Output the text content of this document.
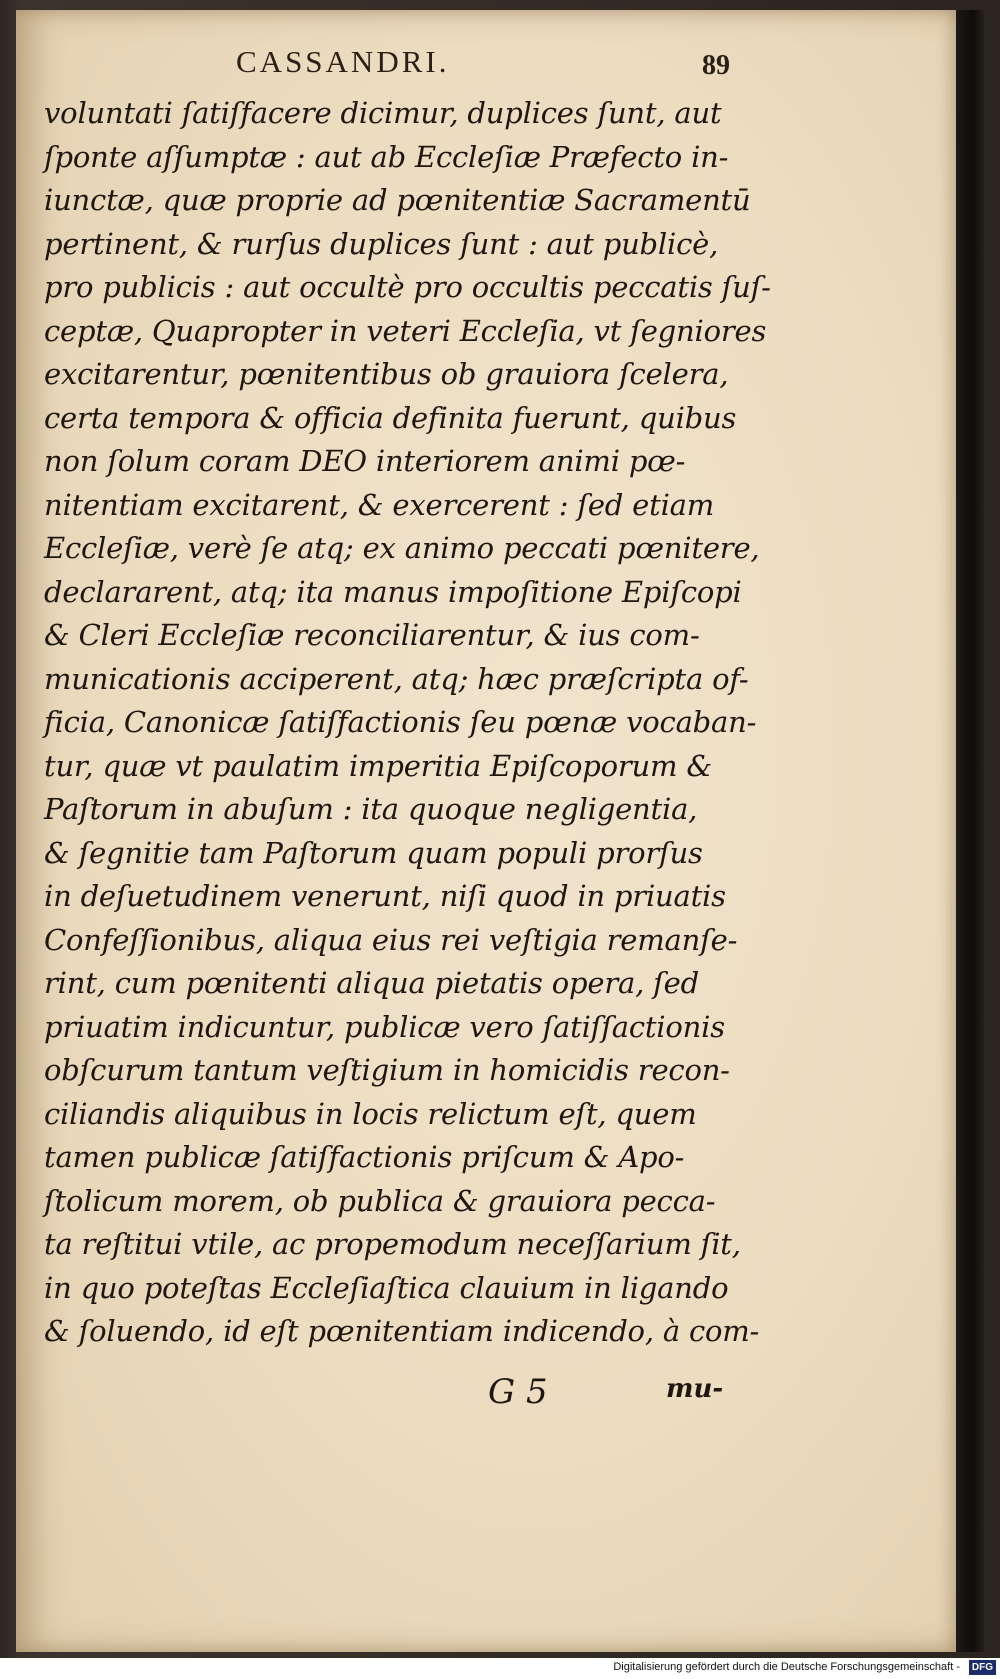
CASSANDRI.	89
voluntati ſatiſfacere dicimur, duplices ſunt, aut
ſponte aſſumptæ : aut ab Eccleſiæ Præfecto in-
iunctæ, quæ proprie ad pœnitentiæ Sacramentū
pertinent, & rurſus duplices ſunt : aut publicè,
pro publicis : aut occultè pro occultis peccatis ſuſ-
ceptæ, Quapropter in veteri Eccleſia, vt ſegniores
excitarentur, pœnitentibus ob grauiora ſcelera,
certa tempora & officia definita fuerunt, quibus
non ſolum coram DEO interiorem animi pœ-
nitentiam excitarent, & exercerent : ſed etiam
Eccleſiæ, verè ſe atq; ex animo peccati pœnitere,
declararent, atq; ita manus impoſitione Epiſcopi
& Cleri Eccleſiæ reconciliarentur, & ius com-
municationis acciperent, atq; hæc præſcripta of-
ficia, Canonicæ ſatiſfactionis ſeu pœnæ vocaban-
tur, quæ vt paulatim imperitia Epiſcoporum &
Paſtorum in abuſum : ita quoque negligentia,
& ſegnitie tam Paſtorum quam populi prorſus
in deſuetudinem venerunt, niſi quod in priuatis
Confeſſionibus, aliqua eius rei veſtigia remanſe-
rint, cum pœnitenti aliqua pietatis opera, ſed
priuatim indicuntur, publicæ vero ſatiſſactionis
obſcurum tantum veſtigium in homicidis recon-
ciliandis aliquibus in locis relictum eſt, quem
tamen publicæ ſatiſfactionis priſcum & Apo-
ſtolicum morem, ob publica & grauiora pecca-
ta reſtitui vtile, ac propemodum neceſſarium ſit,
in quo poteſtas Eccleſiaſtica clauium in ligando
& ſoluendo, id eſt pœnitentiam indicendo, à com-
G 5	mu-
Digitalisierung gefördert durch die Deutsche Forschungsgemeinschaft -	DFG
